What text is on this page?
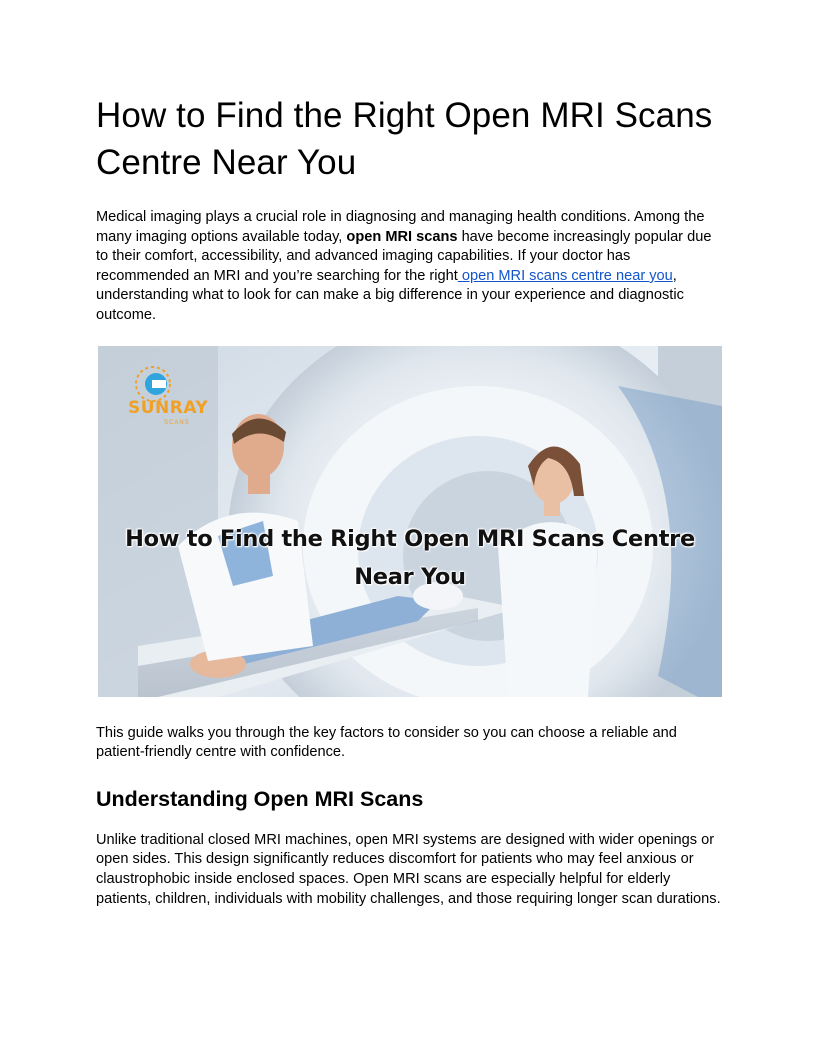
How to Find the Right Open MRI Scans Centre Near You

Medical imaging plays a crucial role in diagnosing and managing health conditions. Among the many imaging options available today, open MRI scans have become increasingly popular due to their comfort, accessibility, and advanced imaging capabilities. If your doctor has recommended an MRI and you’re searching for the right open MRI scans centre near you, understanding what to look for can make a big difference in your experience and diagnostic outcome.

SUNRAY
SCANS
How to Find the Right Open MRI Scans Centre
Near You

This guide walks you through the key factors to consider so you can choose a reliable and patient-friendly centre with confidence.

Understanding Open MRI Scans

Unlike traditional closed MRI machines, open MRI systems are designed with wider openings or open sides. This design significantly reduces discomfort for patients who may feel anxious or claustrophobic inside enclosed spaces. Open MRI scans are especially helpful for elderly patients, children, individuals with mobility challenges, and those requiring longer scan durations.
